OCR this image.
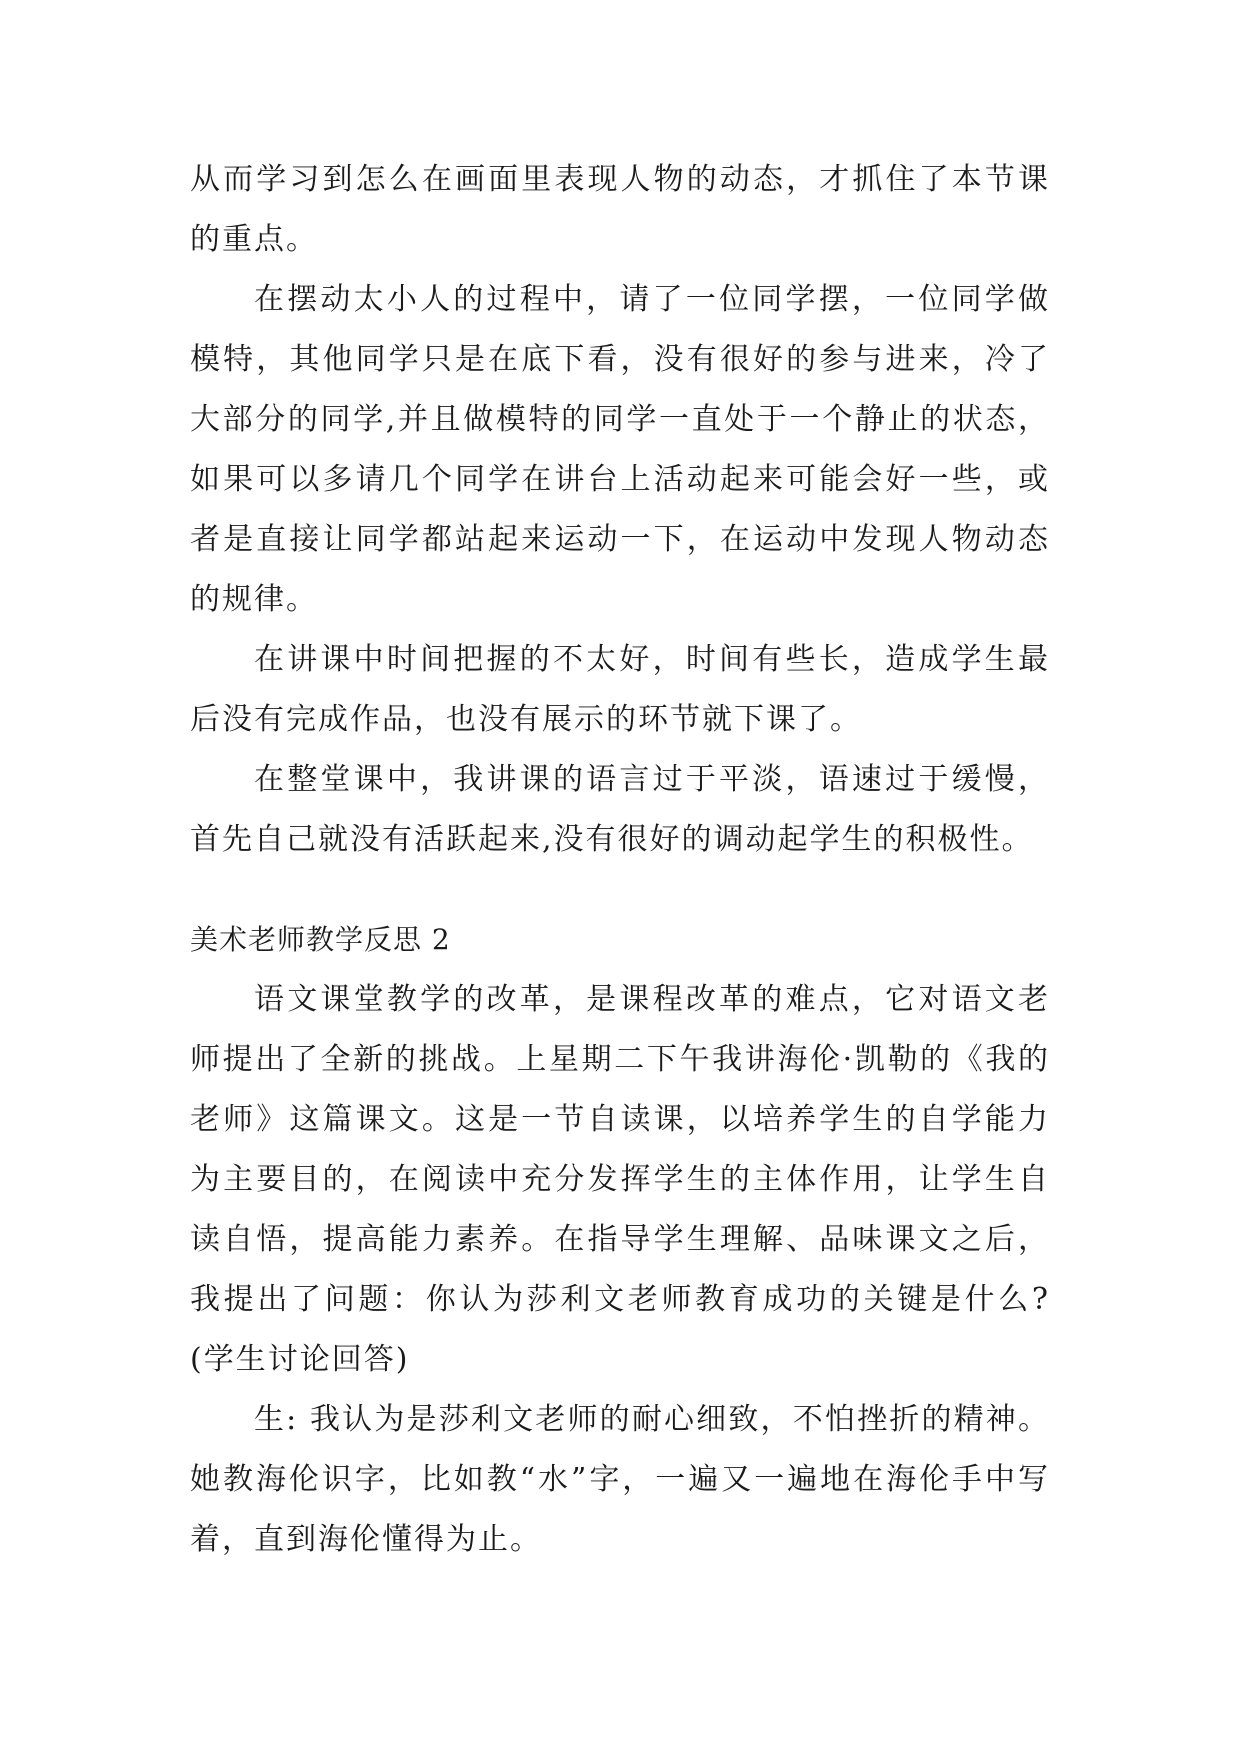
从而学习到怎么在画面里表现人物的动态，才抓住了本节课的重点。

在摆动太小人的过程中，请了一位同学摆，一位同学做模特，其他同学只是在底下看，没有很好的参与进来，冷了大部分的同学,并且做模特的同学一直处于一个静止的状态，如果可以多请几个同学在讲台上活动起来可能会好一些，或者是直接让同学都站起来运动一下，在运动中发现人物动态的规律。

在讲课中时间把握的不太好，时间有些长，造成学生最后没有完成作品，也没有展示的环节就下课了。

在整堂课中，我讲课的语言过于平淡，语速过于缓慢，首先自己就没有活跃起来,没有很好的调动起学生的积极性。

美术老师教学反思 2

语文课堂教学的改革，是课程改革的难点，它对语文老师提出了全新的挑战。上星期二下午我讲海伦·凯勒的《我的老师》这篇课文。这是一节自读课，以培养学生的自学能力为主要目的，在阅读中充分发挥学生的主体作用，让学生自读自悟，提高能力素养。在指导学生理解、品味课文之后，我提出了问题：你认为莎利文老师教育成功的关键是什么?(学生讨论回答)

生: 我认为是莎利文老师的耐心细致，不怕挫折的精神。她教海伦识字，比如教“水”字，一遍又一遍地在海伦手中写着，直到海伦懂得为止。
